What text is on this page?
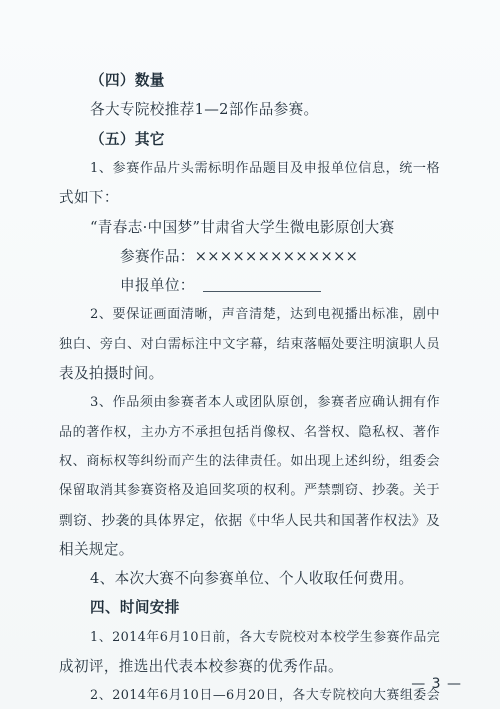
（四）数量
各大专院校推荐1—2部作品参赛。
（五）其它
1、参赛作品片头需标明作品题目及申报单位信息，统一格
式如下：
“青春志·中国梦”甘肃省大学生微电影原创大赛
参赛作品：×××××××××××××
申报单位：
2、要保证画面清晰，声音清楚，达到电视播出标准，剧中
独白、旁白、对白需标注中文字幕，结束落幅处要注明演职人员
表及拍摄时间。
3、作品须由参赛者本人或团队原创，参赛者应确认拥有作
品的著作权，主办方不承担包括肖像权、名誉权、隐私权、著作
权、商标权等纠纷而产生的法律责任。如出现上述纠纷，组委会
保留取消其参赛资格及追回奖项的权利。严禁剽窃、抄袭。关于
剽窃、抄袭的具体界定，依据《中华人民共和国著作权法》及
相关规定。
4、本次大赛不向参赛单位、个人收取任何费用。
四、时间安排
1、2014年6月10日前，各大专院校对本校学生参赛作品完
成初评，推选出代表本校参赛的优秀作品。
2、2014年6月10日—6月20日，各大专院校向大赛组委会
— 3 —
